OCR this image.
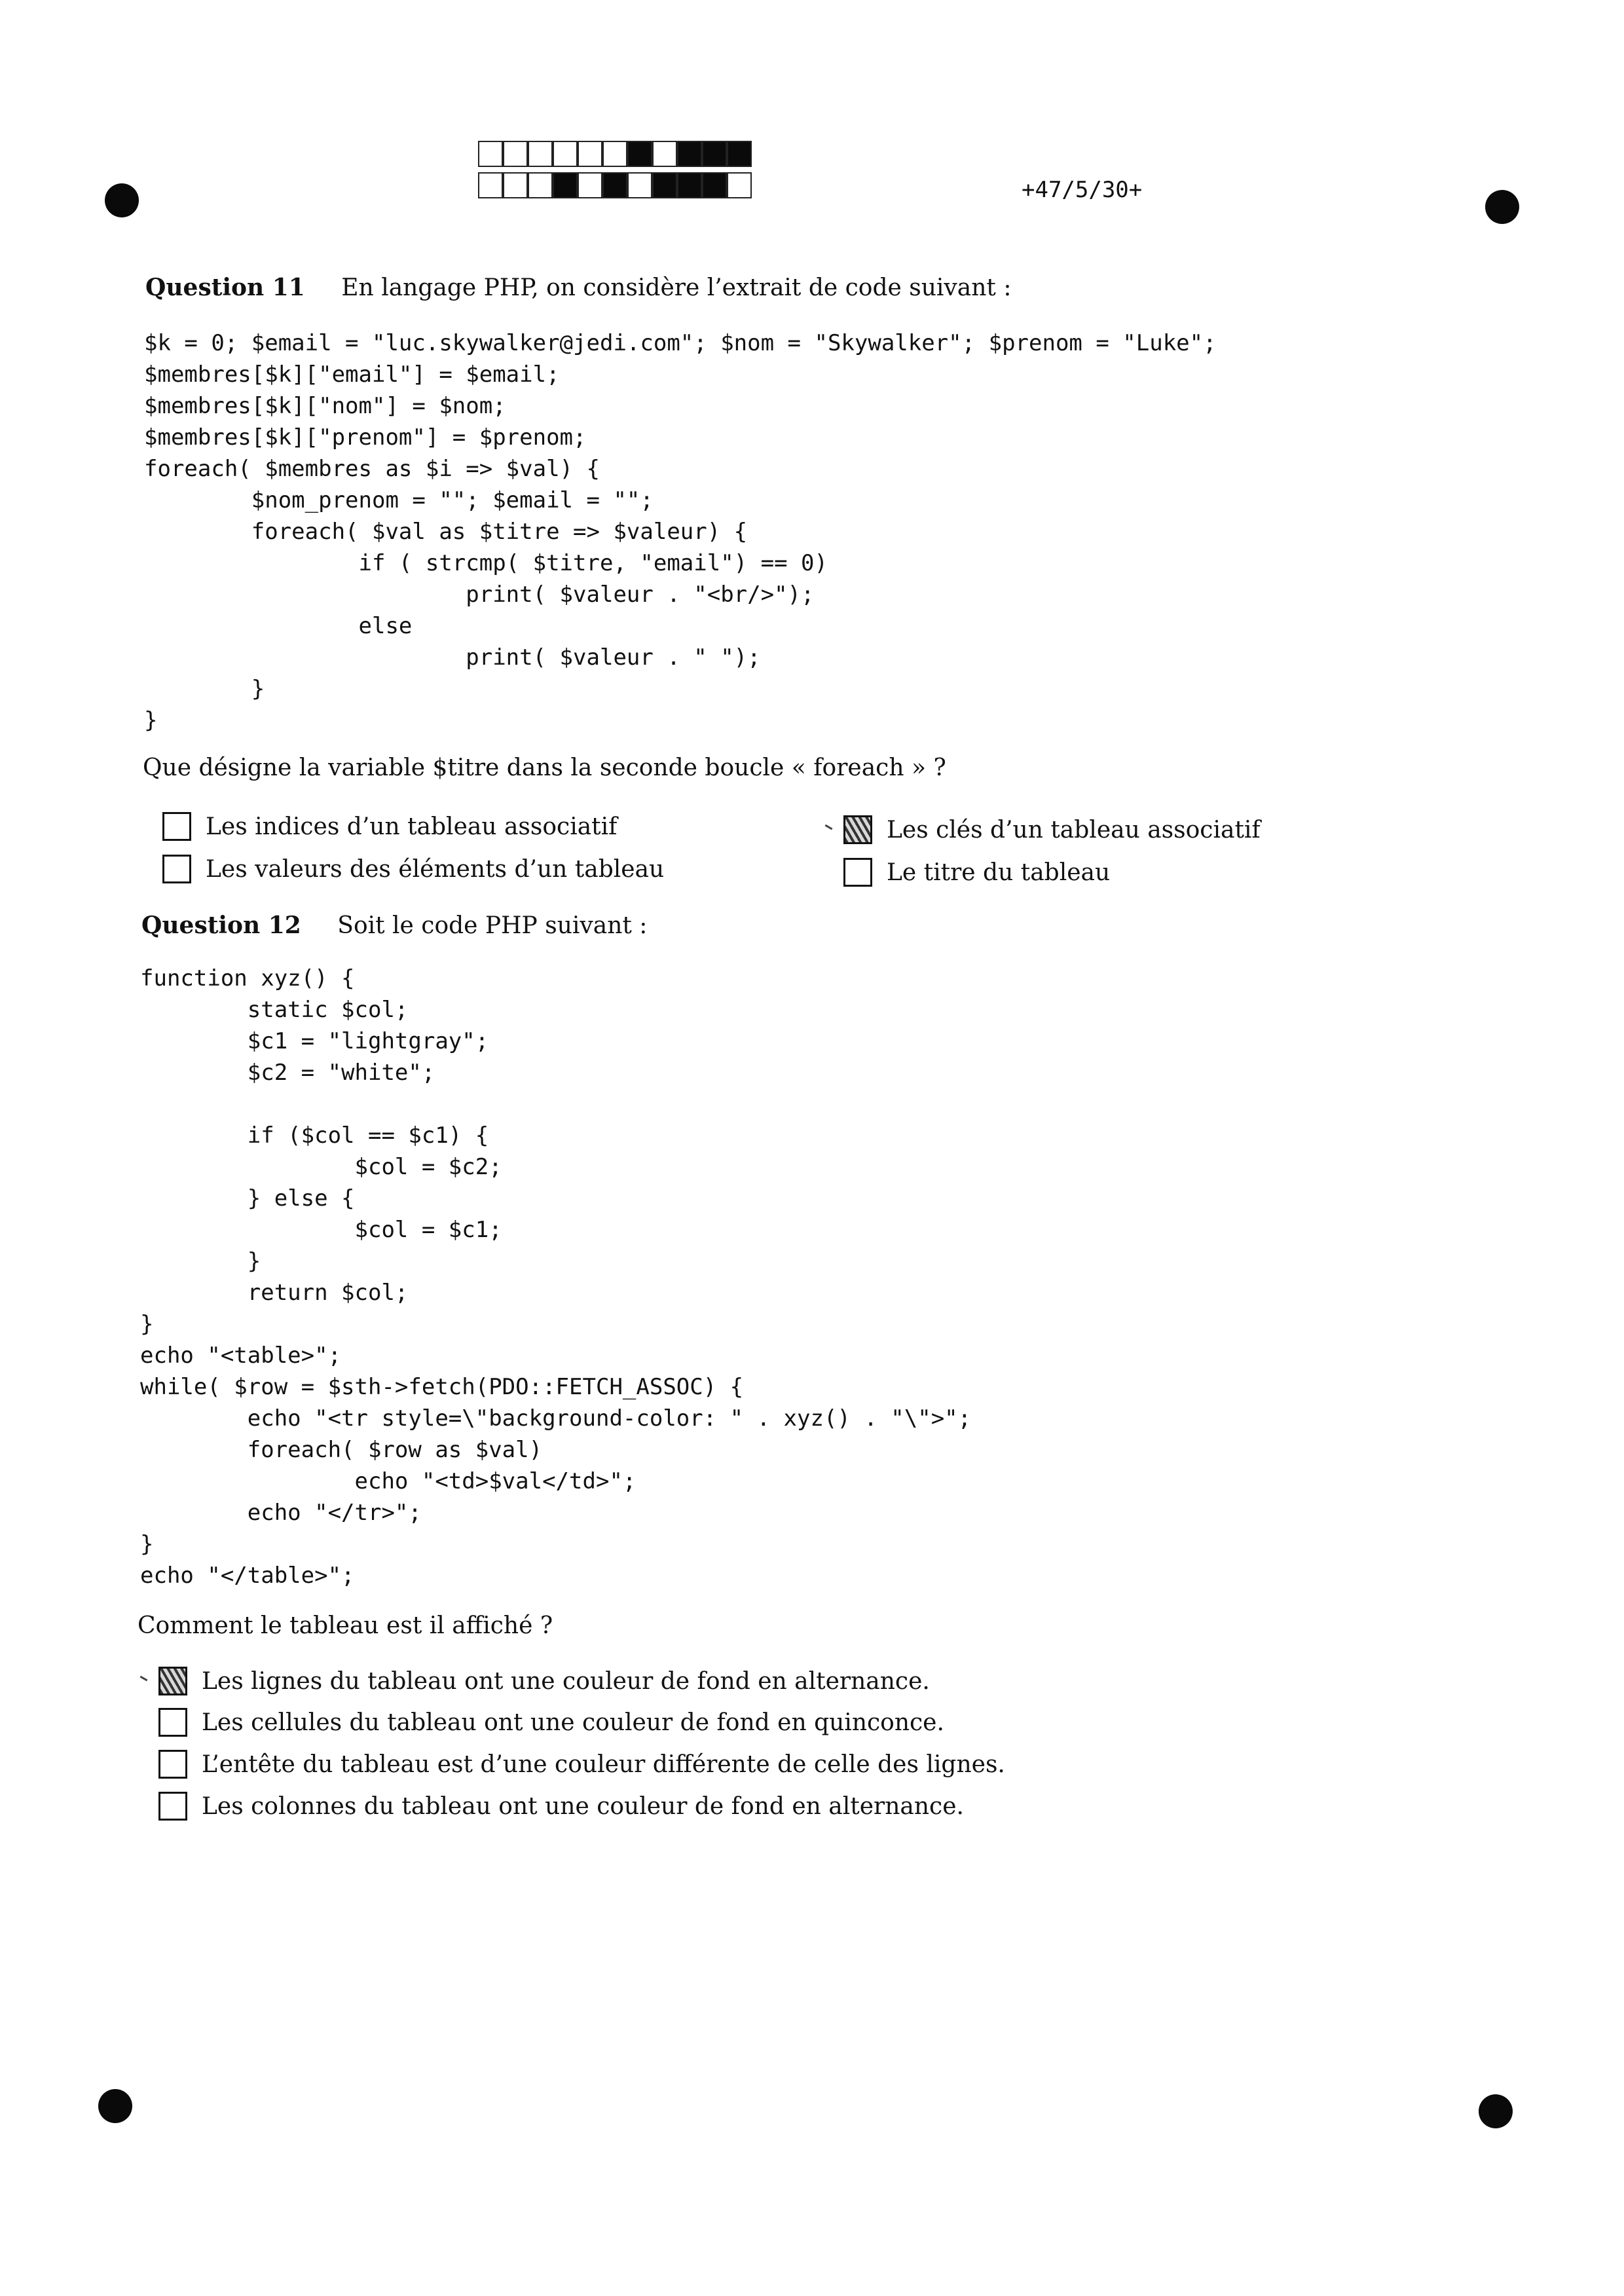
+47/5/30+
Question 11 En langage PHP, on considère l’extrait de code suivant :
$k = 0; $email = "luc.skywalker@jedi.com"; $nom = "Skywalker"; $prenom = "Luke";
$membres[$k]["email"] = $email;
$membres[$k]["nom"] = $nom;
$membres[$k]["prenom"] = $prenom;
foreach( $membres as $i => $val) {
$nom_prenom = ""; $email = "";
foreach( $val as $titre => $valeur) {
if ( strcmp( $titre, "email") == 0)
print( $valeur . "<br/>");
else
print( $valeur . " ");
}
}
Que désigne la variable $titre dans la seconde boucle « foreach » ?
Les indices d’un tableau associatif	Les clés d’un tableau associatif
Les valeurs des éléments d’un tableau	Le titre du tableau
Question 12 Soit le code PHP suivant :
function xyz() {
static $col;
$c1 = "lightgray";
$c2 = "white";

if ($col == $c1) {
$col = $c2;
} else {
$col = $c1;
}
return $col;
}
echo "<table>";
while( $row = $sth->fetch(PDO::FETCH_ASSOC) {
echo "<tr style=\"background-color: " . xyz() . "\">";
foreach( $row as $val)
echo "<td>$val</td>";
echo "</tr>";
}
echo "</table>";
Comment le tableau est il affiché ?
Les lignes du tableau ont une couleur de fond en alternance.
Les cellules du tableau ont une couleur de fond en quinconce.
L’entête du tableau est d’une couleur différente de celle des lignes.
Les colonnes du tableau ont une couleur de fond en alternance.
